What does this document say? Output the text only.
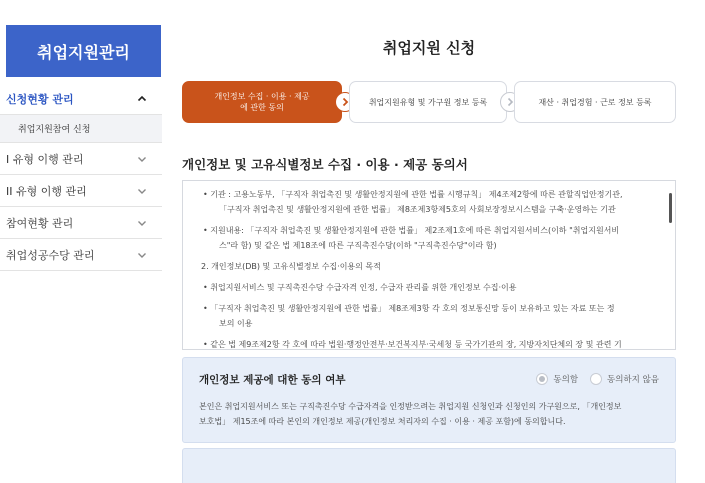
취업지원관리
신청현황 관리
취업지원참여 신청
I 유형 이행 관리
II 유형 이행 관리
참여현황 관리
취업성공수당 관리
취업지원 신청
개인정보 수집 · 이용 · 제공
에 관한 동의
취업지원유형 및 가구원 정보 등록	재산 · 취업경험 · 근로 정보 등록
개인정보 및 고유식별정보 수집 · 이용 · 제공 동의서

• 기관 : 고용노동부, 「구직자 취업촉진 및 생활안정지원에 관한 법률 시행규칙」 제4조제2항에 따른 관할직업안정기관,
「구직자 취업촉진 및 생활안정지원에 관한 법률」 제8조제3항제5호의 사회보장정보시스템을 구축·운영하는 기관

• 지원내용: 「구직자 취업촉진 및 생활안정지원에 관한 법률」 제2조제1호에 따른 취업지원서비스(이하 "취업지원서비
스"라 함) 및 같은 법 제18조에 따른 구직촉진수당(이하 "구직촉진수당"이라 함)

2. 개인정보(DB) 및 고유식별정보 수집·이용의 목적

• 취업지원서비스 및 구직촉진수당 수급자격 인정, 수급자 관리를 위한 개인정보 수집·이용

• 「구직자 취업촉진 및 생활안정지원에 관한 법률」 제8조제3항 각 호의 정보통신망 등이 보유하고 있는 자료 또는 정
보의 이용

• 같은 법 제9조제2항 각 호에 따라 법원·행정안전부·보건복지부·국세청 등 국가기관의 장, 지방자치단체의 장 및 관련 기

개인정보 제공에 대한 동의 여부	동의함	동의하지 않음
본인은 취업지원서비스 또는 구직촉진수당 수급자격을 인정받으려는 취업지원 신청인과 신청인의 가구원으로, 「개인정보
보호법」 제15조에 따라 본인의 개인정보 제공(개인정보 처리자의 수집 · 이용 · 제공 포함)에 동의합니다.
